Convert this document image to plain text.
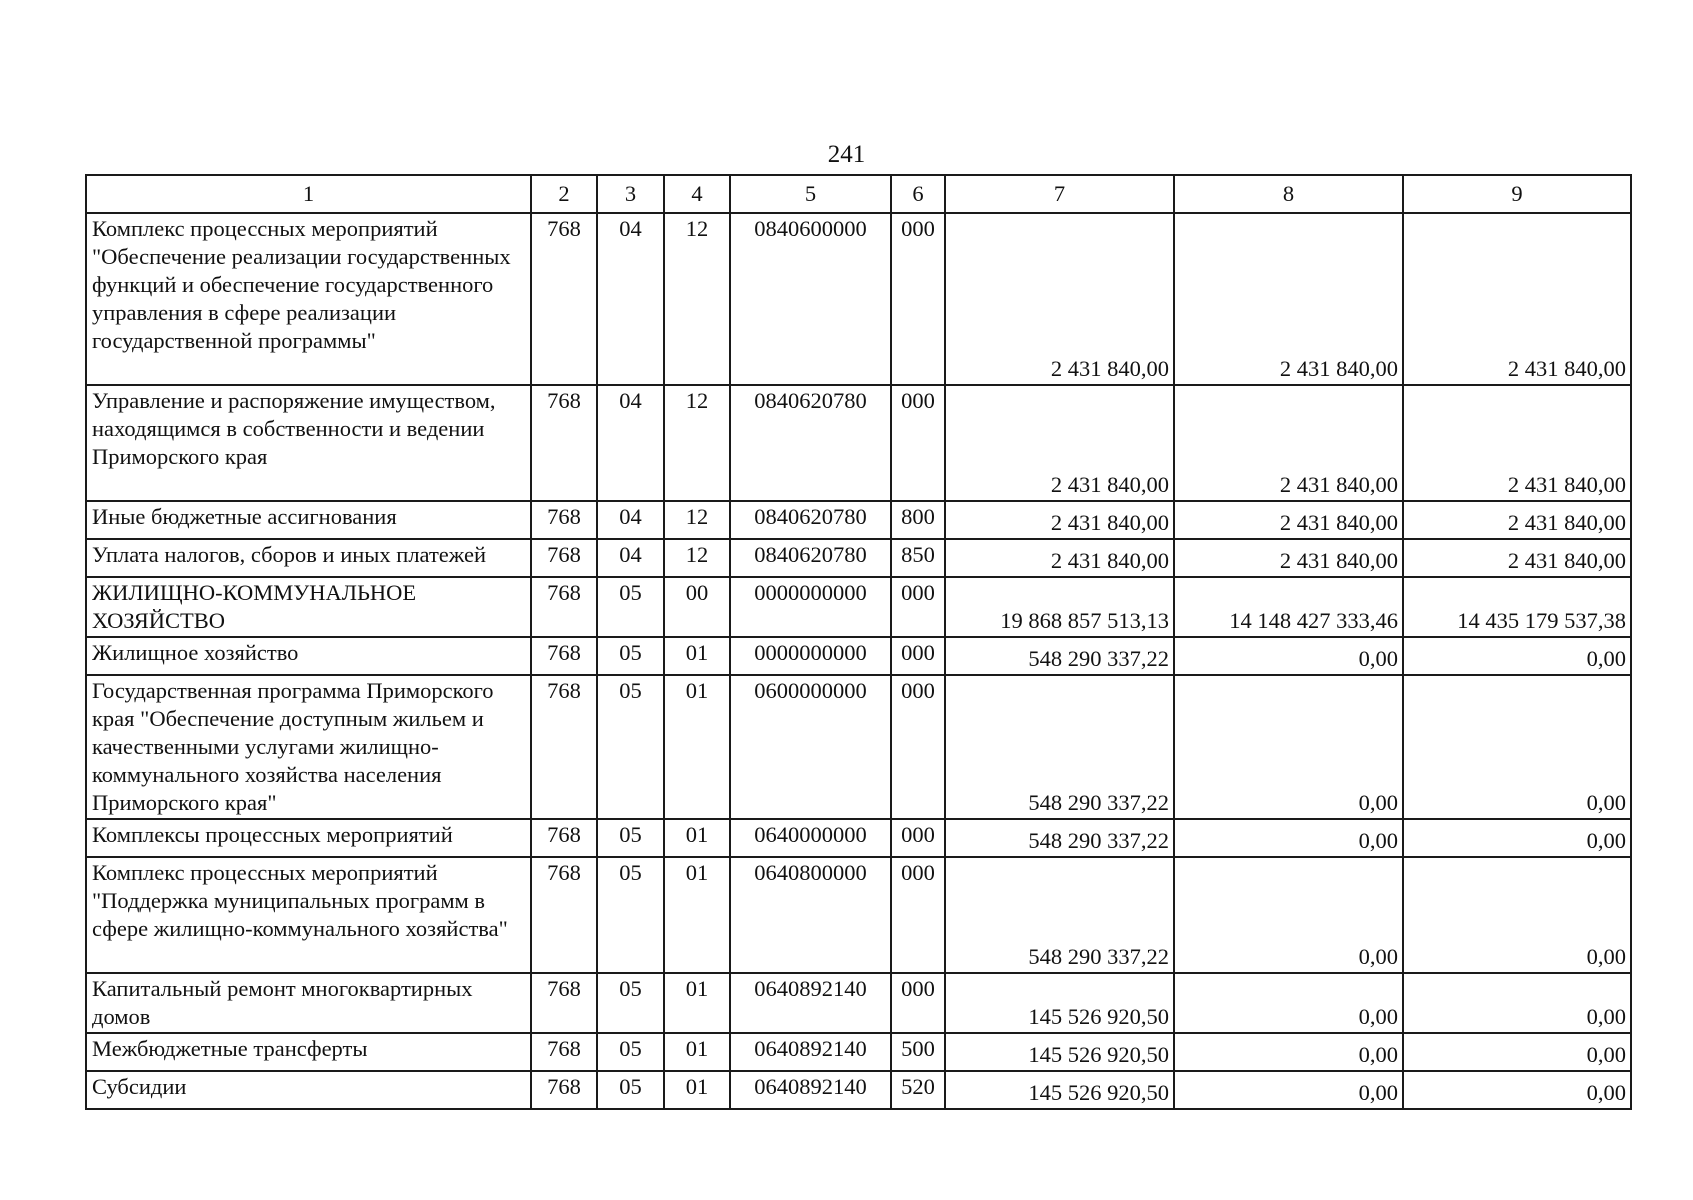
241
1	2	3	4	5	6	7	8	9
Комплекс процессных мероприятий "Обеспечение реализации государственных функций и обеспечение государственного управления в сфере реализации государственной программы"	768	04	12	0840600000	000	2 431 840,00	2 431 840,00	2 431 840,00
Управление и распоряжение имуществом, находящимся в собственности и ведении Приморского края	768	04	12	0840620780	000	2 431 840,00	2 431 840,00	2 431 840,00
Иные бюджетные ассигнования	768	04	12	0840620780	800	2 431 840,00	2 431 840,00	2 431 840,00
Уплата налогов, сборов и иных платежей	768	04	12	0840620780	850	2 431 840,00	2 431 840,00	2 431 840,00
ЖИЛИЩНО-КОММУНАЛЬНОЕ ХОЗЯЙСТВО	768	05	00	0000000000	000	19 868 857 513,13	14 148 427 333,46	14 435 179 537,38
Жилищное хозяйство	768	05	01	0000000000	000	548 290 337,22	0,00	0,00
Государственная программа Приморского края "Обеспечение доступным жильем и качественными услугами жилищно-коммунального хозяйства населения Приморского края"	768	05	01	0600000000	000	548 290 337,22	0,00	0,00
Комплексы процессных мероприятий	768	05	01	0640000000	000	548 290 337,22	0,00	0,00
Комплекс процессных мероприятий "Поддержка муниципальных программ в сфере жилищно-коммунального хозяйства"	768	05	01	0640800000	000	548 290 337,22	0,00	0,00
Капитальный ремонт многоквартирных домов	768	05	01	0640892140	000	145 526 920,50	0,00	0,00
Межбюджетные трансферты	768	05	01	0640892140	500	145 526 920,50	0,00	0,00
Субсидии	768	05	01	0640892140	520	145 526 920,50	0,00	0,00
